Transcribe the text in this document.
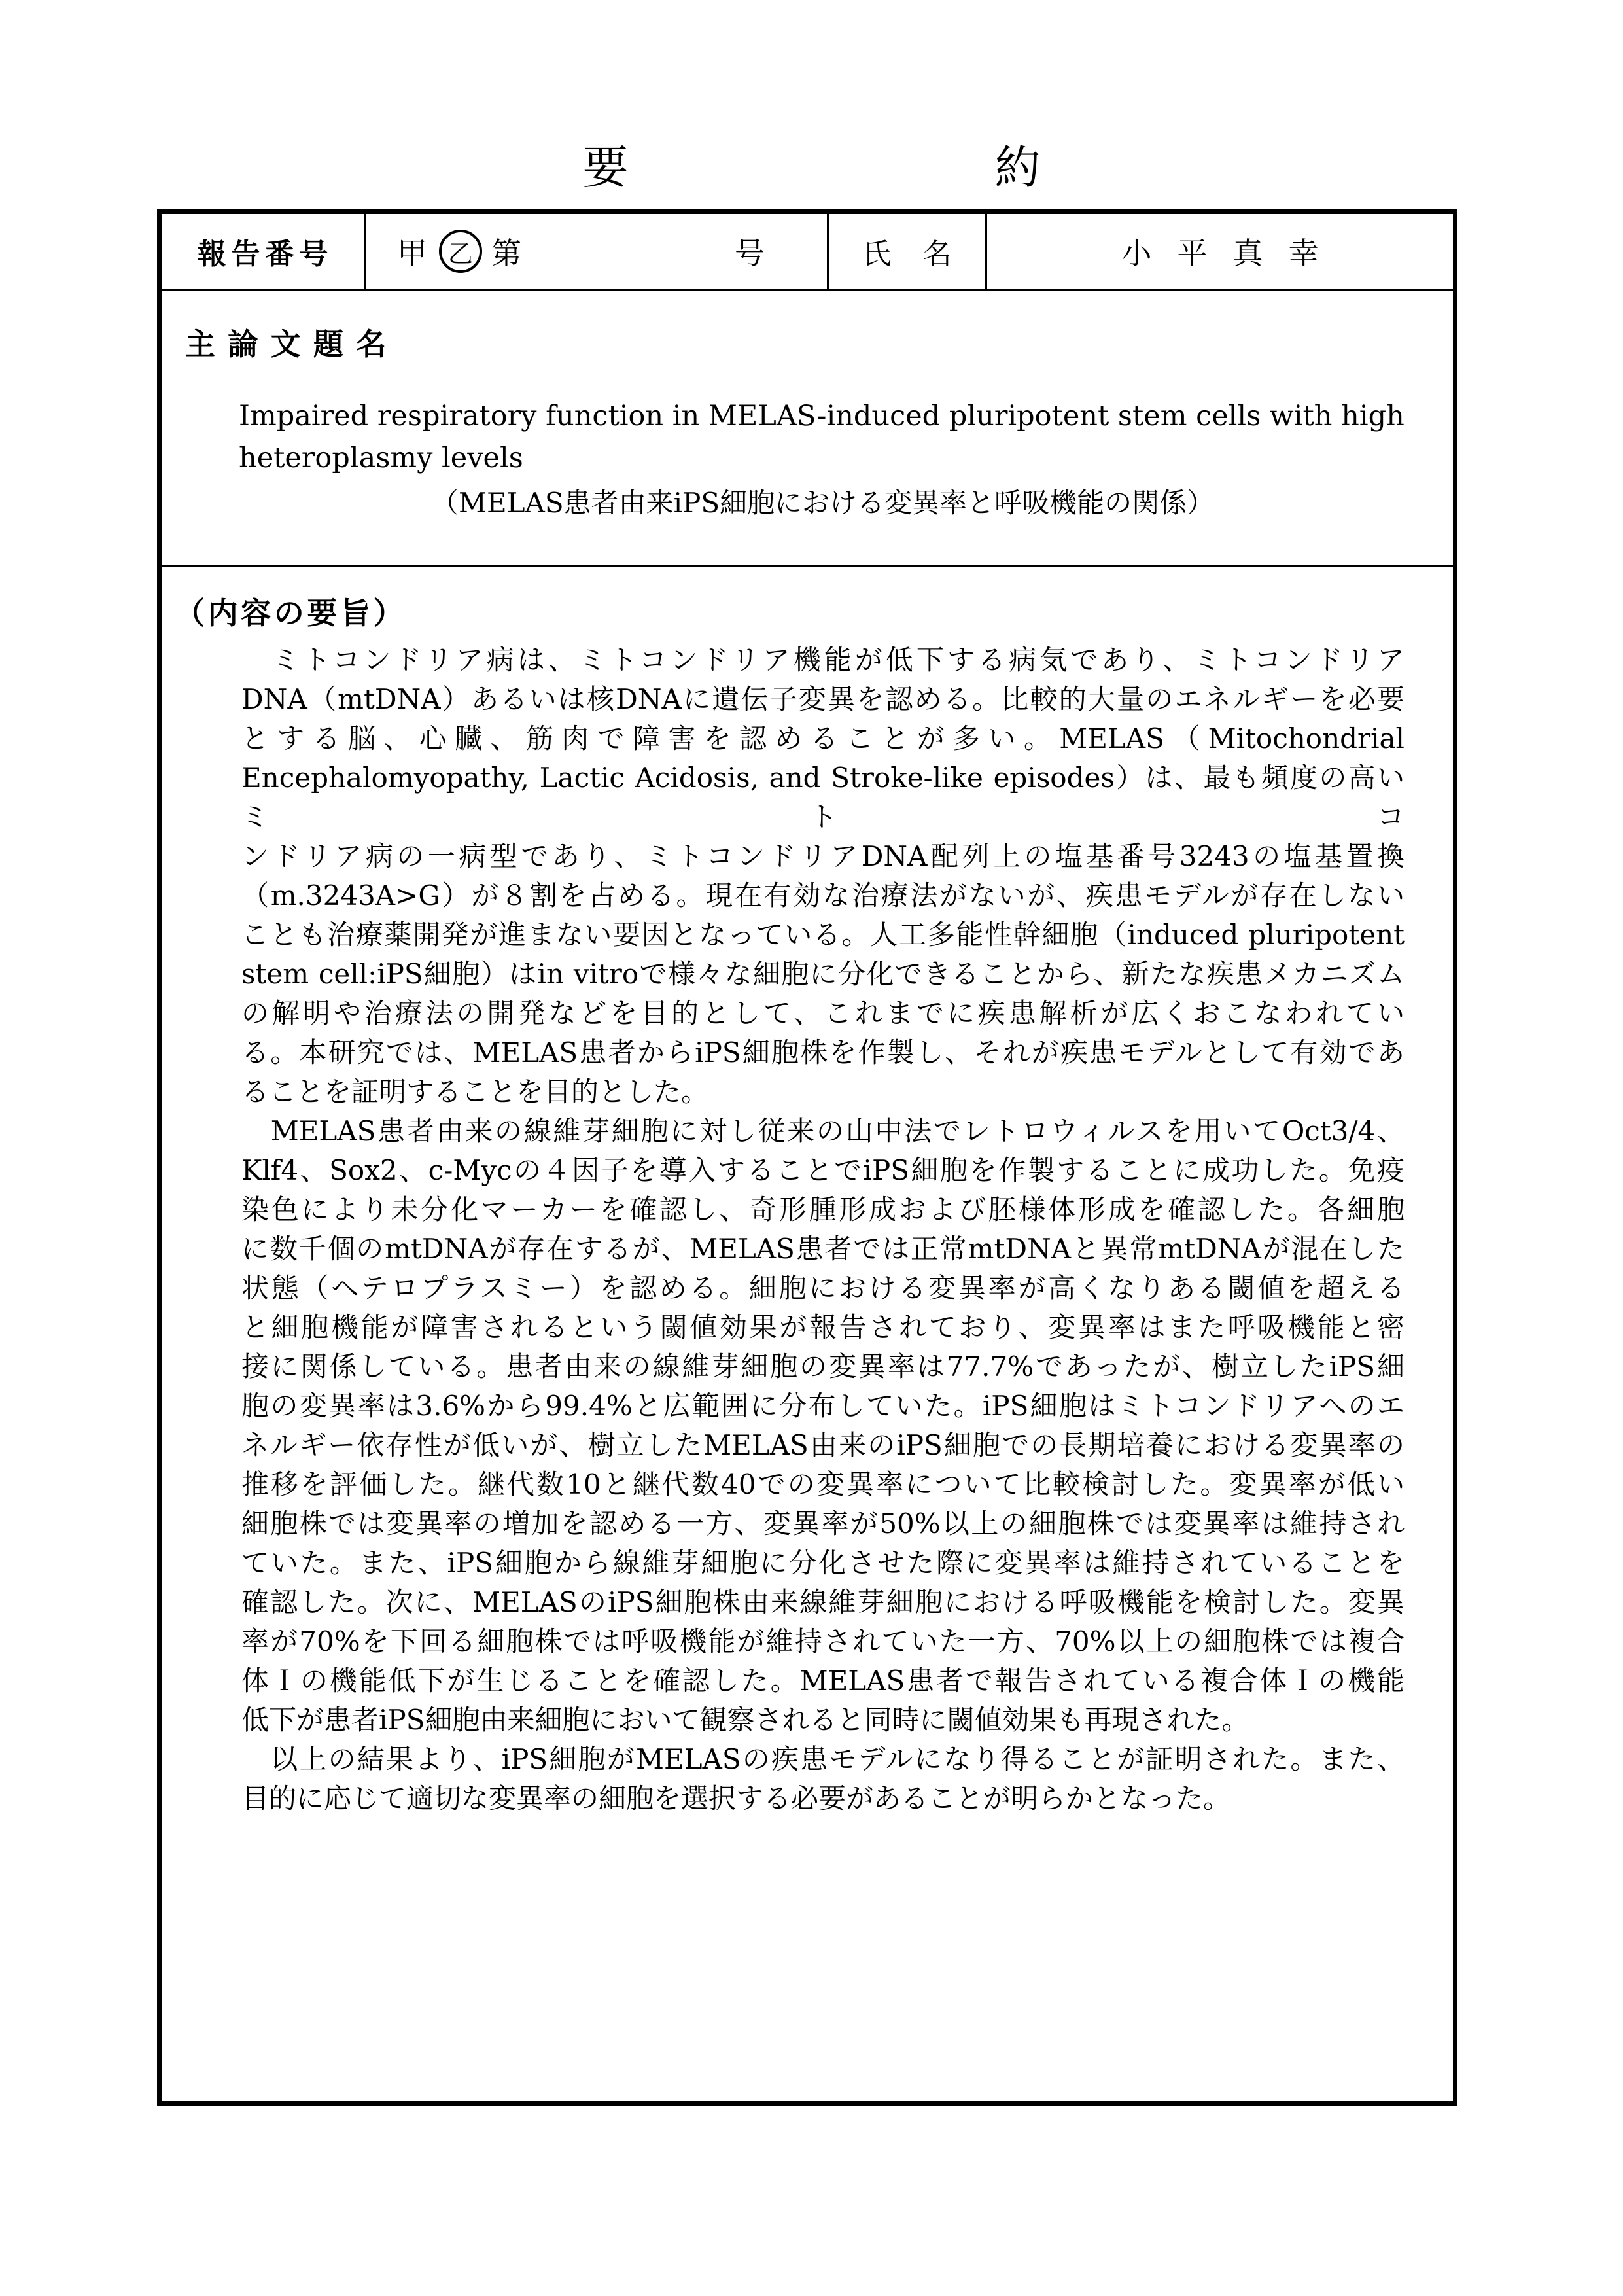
要　　　　　　　　約
報告番号 甲 乙 第	号	氏名	小平真幸
主論文題名
Impaired respiratory function in MELAS-induced pluripotent stem cells with high
heteroplasmy levels
（MELAS患者由来iPS細胞における変異率と呼吸機能の関係）
（内容の要旨）
　ミトコンドリア病は、ミトコンドリア機能が低下する病気であり、ミトコンドリア
DNA（mtDNA）あるいは核DNAに遺伝子変異を認める。比較的大量のエネルギーを必要
とする脳、心臓、筋肉で障害を認めることが多い。MELAS（Mitochondrial
Encephalomyopathy, Lactic Acidosis, and Stroke-like episodes）は、最も頻度の高いミトコ
ンドリア病の一病型であり、ミトコンドリアDNA配列上の塩基番号3243の塩基置換
（m.3243A>G）が８割を占める。現在有効な治療法がないが、疾患モデルが存在しない
ことも治療薬開発が進まない要因となっている。人工多能性幹細胞（induced pluripotent
stem cell:iPS細胞）はin vitroで様々な細胞に分化できることから、新たな疾患メカニズム
の解明や治療法の開発などを目的として、これまでに疾患解析が広くおこなわれてい
る。本研究では、MELAS患者からiPS細胞株を作製し、それが疾患モデルとして有効であ
ることを証明することを目的とした。
　MELAS患者由来の線維芽細胞に対し従来の山中法でレトロウィルスを用いてOct3/4、
Klf4、Sox2、c-Mycの４因子を導入することでiPS細胞を作製することに成功した。免疫
染色により未分化マーカーを確認し、奇形腫形成および胚様体形成を確認した。各細胞
に数千個のmtDNAが存在するが、MELAS患者では正常mtDNAと異常mtDNAが混在した
状態（ヘテロプラスミー）を認める。細胞における変異率が高くなりある閾値を超える
と細胞機能が障害されるという閾値効果が報告されており、変異率はまた呼吸機能と密
接に関係している。患者由来の線維芽細胞の変異率は77.7%であったが、樹立したiPS細
胞の変異率は3.6%から99.4%と広範囲に分布していた。iPS細胞はミトコンドリアへのエ
ネルギー依存性が低いが、樹立したMELAS由来のiPS細胞での長期培養における変異率の
推移を評価した。継代数10と継代数40での変異率について比較検討した。変異率が低い
細胞株では変異率の増加を認める一方、変異率が50%以上の細胞株では変異率は維持され
ていた。また、iPS細胞から線維芽細胞に分化させた際に変異率は維持されていることを
確認した。次に、MELASのiPS細胞株由来線維芽細胞における呼吸機能を検討した。変異
率が70%を下回る細胞株では呼吸機能が維持されていた一方、70%以上の細胞株では複合
体Ｉの機能低下が生じることを確認した。MELAS患者で報告されている複合体Ｉの機能
低下が患者iPS細胞由来細胞において観察されると同時に閾値効果も再現された。
　以上の結果より、iPS細胞がMELASの疾患モデルになり得ることが証明された。また、
目的に応じて適切な変異率の細胞を選択する必要があることが明らかとなった。
